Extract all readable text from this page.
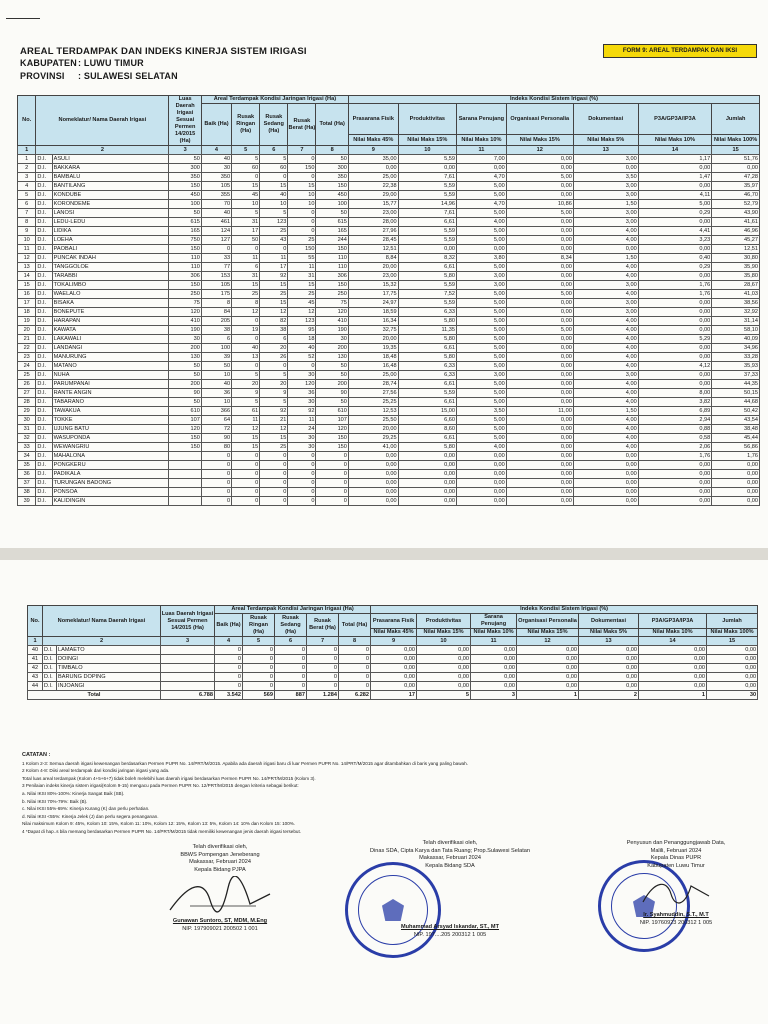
AREAL TERDAMPAK DAN INDEKS KINERJA SISTEM IRIGASI
KABUPATEN: LUWU TIMUR
PROVINSI : SULAWESI SELATAN
FORM 9: AREAL TERDAMPAK DAN IKSI
No.	Nomeklatur/ Nama Daerah Irigasi		Luas Daerah Irigasi Sesuai Permen 14/2015 (Ha)	Areal Terdampak Kondisi Jaringan Irigasi (Ha)					Indeks Kondisi Sistem Irigasi (%)						
				Baik (Ha)	Rusak Ringan (Ha)	Rusak Sedang (Ha)	Rusak Berat (Ha)	Total (Ha)	Prasarana Fisik	Produktivitas	Sarana Penujang	Organisasi Personalia	Dokumentasi	P3A/GP3A/IP3A	Jumlah
									Nilai Maks 45%	Nilai Maks 15%	Nilai Maks 10%	Nilai Maks 15%	Nilai Maks 5%	Nilai Maks 10%	Nilai Maks 100%
1	2		3	4	5	6	7	8	9	10	11	12	13	14	15
1	D.I.	ASULI	50	40	5	5	0	50	35,00	5,59	7,00	0,00	3,00	1,17	51,76
2	D.I.	BAKKARA	300	30	60	60	150	300	0,00	0,00	0,00	0,00	0,00	0,00	0,00
3	D.I.	BAMBALU	350	350	0	0	0	350	25,00	7,61	4,70	5,00	3,50	1,47	47,28
4	D.I.	BANTILANG	150	105	15	15	15	150	22,38	5,59	5,00	0,00	3,00	0,00	35,97
5	D.I.	KONDUBE	450	355	45	40	10	450	29,00	5,59	5,00	0,00	3,00	4,11	46,70
6	D.I.	KORONDEME	100	70	10	10	10	100	15,77	14,96	4,70	10,86	1,50	5,00	52,79
7	D.I.	LANOSI	50	40	5	5	0	50	23,00	7,61	5,00	5,00	3,00	0,29	43,90
8	D.I.	LEDU-LEDU	615	461	31	123	0	615	28,00	6,61	4,00	0,00	3,00	0,00	41,61
9	D.I.	LIDIKA	165	124	17	25	0	165	27,96	5,59	5,00	0,00	4,00	4,41	46,96
10	D.I.	LOEHA	750	127	50	43	25	244	28,45	5,59	5,00	0,00	4,00	3,23	45,27
11	D.I.	PAOBALI	150	0	0	0	150	150	12,51	0,00	0,00	0,00	0,00	0,00	12,51
12	D.I.	PUNCAK INDAH	110	33	11	11	55	110	8,84	8,32	3,80	8,34	1,50	0,40	30,80
13	D.I.	TANGGOLOE	110	77	6	17	11	110	20,00	6,61	5,00	0,00	4,00	0,29	35,90
14	D.I.	TARABBI	306	153	31	92	31	306	23,00	5,80	3,00	0,00	4,00	0,00	35,80
15	D.I.	TOKALIMBO	150	105	15	15	15	150	15,32	5,59	3,00	0,00	3,00	1,76	28,67
16	D.I.	WAELALO	250	175	25	25	25	250	17,75	7,52	5,00	5,00	4,00	1,76	41,03
17	D.I.	BISAKA	75	8	8	15	45	75	24,97	5,59	5,00	0,00	3,00	0,00	38,56
18	D.I.	BONEPUTE	120	84	12	12	12	120	18,59	6,33	5,00	0,00	3,00	0,00	32,92
19	D.I.	HARAPAN	410	205	0	82	123	410	16,34	5,80	5,00	0,00	4,00	0,00	31,14
20	D.I.	KAWATA	190	38	19	38	95	190	32,75	11,35	5,00	5,00	4,00	0,00	58,10
21	D.I.	LAKAWALI	30	6	0	6	18	30	20,00	5,80	5,00	0,00	4,00	5,29	40,09
22	D.I.	LANDANGI	200	100	40	20	40	200	19,35	6,61	5,00	0,00	4,00	0,00	34,96
23	D.I.	MANURUNG	130	39	13	26	52	130	18,48	5,80	5,00	0,00	4,00	0,00	33,28
24	D.I.	MATANO	50	50	0	0	0	50	16,48	6,33	5,00	0,00	4,00	4,12	35,93
25	D.I.	NUHA	50	10	5	5	30	50	25,00	6,33	3,00	0,00	3,00	0,00	37,33
26	D.I.	PARUMPANAI	200	40	20	20	120	200	28,74	6,61	5,00	0,00	4,00	0,00	44,35
27	D.I.	RANTE ANGIN	90	36	9	9	36	90	27,56	5,59	5,00	0,00	4,00	8,00	50,15
28	D.I.	TABARANO	50	10	5	5	30	50	25,25	6,61	5,00	0,00	4,00	3,82	44,68
29	D.I.	TAWAKUA	610	366	61	92	92	610	12,53	15,00	3,50	11,00	1,50	6,89	50,42
30	D.I.	TOKKE	107	64	11	21	11	107	25,50	6,60	5,00	0,00	4,00	2,94	43,54
31	D.I.	UJUNG BATU	120	72	12	12	24	120	20,00	8,60	5,00	0,00	4,00	0,88	38,48
32	D.I.	WASUPONDA	150	90	15	15	30	150	29,25	6,61	5,00	0,00	4,00	0,58	45,44
33	D.I.	WEWANGRIU	150	80	15	25	30	150	41,00	5,80	4,00	0,00	4,00	2,06	56,86
34	D.I.	MAHALONA		0	0	0	0	0	0,00	0,00	0,00	0,00	0,00	1,76	1,76
35	D.I.	PONGKERU		0	0	0	0	0	0,00	0,00	0,00	0,00	0,00	0,00	0,00
36	D.I.	PADIKALA		0	0	0	0	0	0,00	0,00	0,00	0,00	0,00	0,00	0,00
37	D.I.	TURUNGAN BADONG		0	0	0	0	0	0,00	0,00	0,00	0,00	0,00	0,00	0,00
38	D.I.	PONSOA		0	0	0	0	0	0,00	0,00	0,00	0,00	0,00	0,00	0,00
39	D.I.	KALIDINGIN		0	0	0	0	0	0,00	0,00	0,00	0,00	0,00	0,00	0,00
No.	Nomeklatur/ Nama Daerah Irigasi		Luas Daerah Irigasi Sesuai Permen 14/2015 (Ha)	Areal Terdampak Kondisi Jaringan Irigasi (Ha)					Indeks Kondisi Sistem Irigasi (%)						
				Baik (Ha)	Rusak Ringan (Ha)	Rusak Sedang (Ha)	Rusak Berat (Ha)	Total (Ha)	Prasarana Fisik	Produktivitas	Sarana Penujang	Organisasi Personalia	Dokumentasi	P3A/GP3A/IP3A	Jumlah
									Nilai Maks 45%	Nilai Maks 15%	Nilai Maks 10%	Nilai Maks 15%	Nilai Maks 5%	Nilai Maks 10%	Nilai Maks 100%
1	2		3	4	5	6	7	8	9	10	11	12	13	14	15
40	D.I.	LAMAETO		0	0	0	0	0	0,00	0,00	0,00	0,00	0,00	0,00	0,00
41	D.I.	DOINGI		0	0	0	0	0	0,00	0,00	0,00	0,00	0,00	0,00	0,00
42	D.I.	TIMBALO		0	0	0	0	0	0,00	0,00	0,00	0,00	0,00	0,00	0,00
43	D.I.	BARUNG DOPING		0	0	0	0	0	0,00	0,00	0,00	0,00	0,00	0,00	0,00
44	D.I.	INJOANGI		0	0	0	0	0	0,00	0,00	0,00	0,00	0,00	0,00	0,00
Total			6.788	3.542	569	887	1.284	6.282	17	5	3	1	2	1	30
CATATAN :
1 Kolom 2-3: Semua daerah irigasi kewenangan berdasarkan Permen PUPR No. 14/PRT/M/2015. Apabila ada daerah irigasi baru di luar Permen PUPR No. 14/PRT/M/2015 agar ditambahkan di baris yang paling bawah.
2 Kolom 4-8: Diisi areal terdampak dari kondisi jaringan irigasi yang ada.
Total luas areal terdampak (Kolom 4+5+6+7) tidak boleh melebihi luas daerah irigasi berdasarkan Permen PUPR No. 14/PRT/M/2015 (Kolom 3).
3 Penilaian indeks kinerja sistem irigasi(Kolom 9-15) mengacu pada Permen PUPR No. 12/PRT/M/2015 dengan kriteria sebagai berikut:
a. Nilai IKSI 80%-100%: Kinerja Sangat Baik (SB).
b. Nilai IKSI 70%-79%: Baik (B).
c. Nilai IKSI 55%-69%: Kinerja Kurang (K) dan perlu perhatian.
d. Nilai IKSI <55%: Kinerja Jelek (J) dan perlu segera penanganan.
Nilai maksimum Kolom 9: 45%, Kolom 10: 15%, Kolom 11: 10%, Kolom 12: 15%, Kolom 13: 5%, Kolom 14: 10% dan Kolom 15: 100%.
4 *Dapat di hap..s bila memang berdasarkan Permen PUPR No. 14/PRT/M/2015 tidak memiliki kewenangan jenis daerah irigasi tersebut.
Telah diverifikasi oleh,
BBWS Pompengan Jeneberang
Makassar, Februari 2024
Kepala Bidang PJPA
Gunawan Suntoro, ST, MDM, M.Eng
NIP. 197909021 200502 1 001
Telah diverifikasi oleh,
Dinas SDA, Cipta Karya dan Tata Ruang; Prop.Sulawesi Selatan
Makassar, Februari 2024
Kepala Bidang SDA
Muhammad Arsyad Iskandar, ST., MT
NIP. 197....205 200312 1 005
Penyusun dan Penanggungjawab Data,
Malili, Februari 2024
Kepala Dinas PUPR
Kabupaten Luwu Timur
Ir. Syahmuddin, S.T., M.T
NIP. 19760923 200312 1 005
